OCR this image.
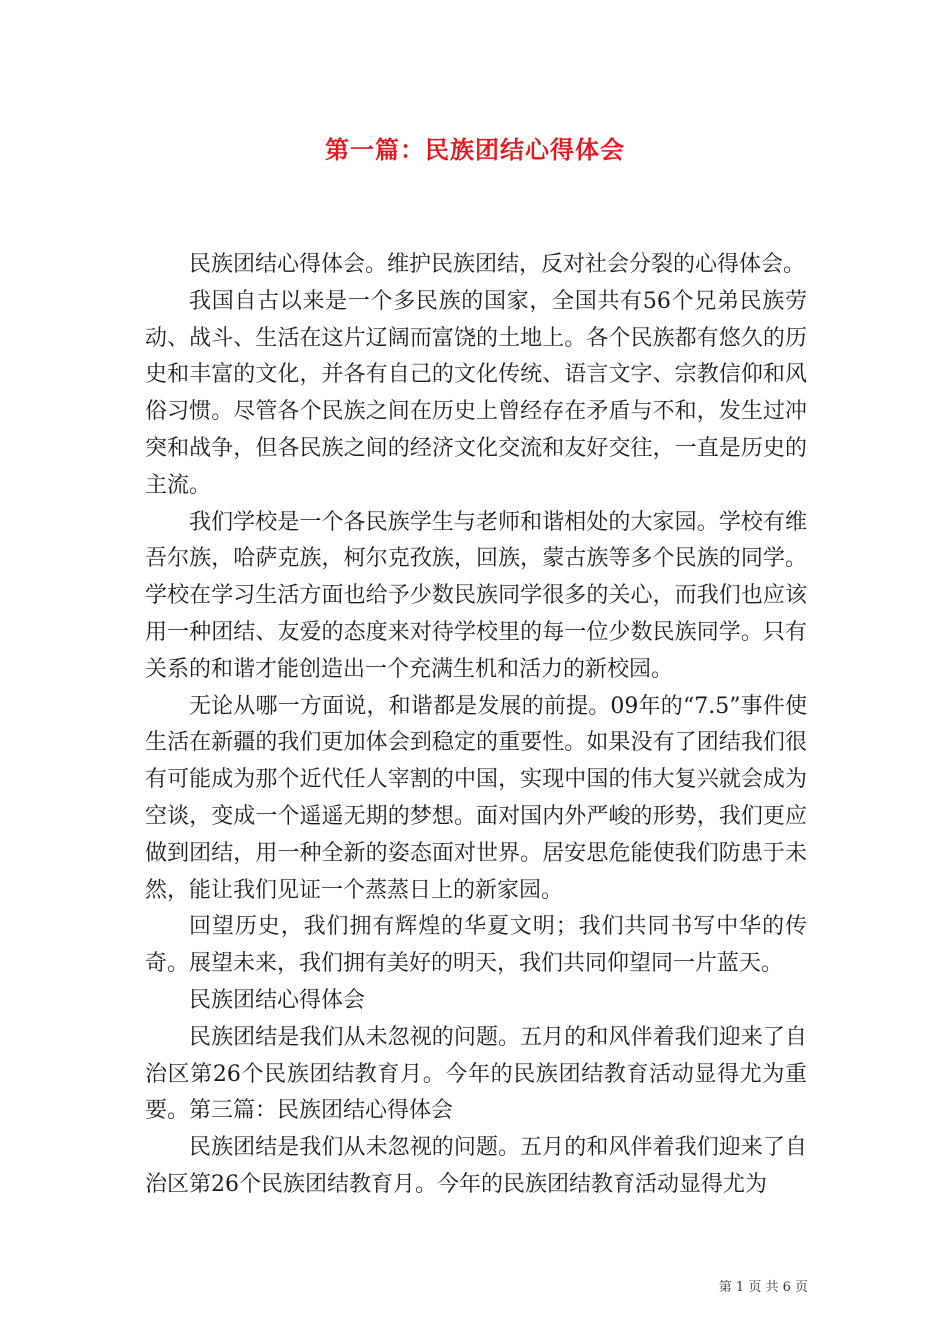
第一篇：民族团结心得体会

民族团结心得体会。维护民族团结，反对社会分裂的心得体会。

我国自古以来是一个多民族的国家，全国共有56个兄弟民族劳动、战斗、生活在这片辽阔而富饶的土地上。各个民族都有悠久的历史和丰富的文化，并各有自己的文化传统、语言文字、宗教信仰和风俗习惯。尽管各个民族之间在历史上曾经存在矛盾与不和，发生过冲突和战争，但各民族之间的经济文化交流和友好交往，一直是历史的主流。

我们学校是一个各民族学生与老师和谐相处的大家园。学校有维吾尔族，哈萨克族，柯尔克孜族，回族，蒙古族等多个民族的同学。学校在学习生活方面也给予少数民族同学很多的关心，而我们也应该用一种团结、友爱的态度来对待学校里的每一位少数民族同学。只有关系的和谐才能创造出一个充满生机和活力的新校园。

无论从哪一方面说，和谐都是发展的前提。09年的“7.5”事件使生活在新疆的我们更加体会到稳定的重要性。如果没有了团结我们很有可能成为那个近代任人宰割的中国，实现中国的伟大复兴就会成为空谈，变成一个遥遥无期的梦想。面对国内外严峻的形势，我们更应做到团结，用一种全新的姿态面对世界。居安思危能使我们防患于未然，能让我们见证一个蒸蒸日上的新家园。

回望历史，我们拥有辉煌的华夏文明；我们共同书写中华的传奇。展望未来，我们拥有美好的明天，我们共同仰望同一片蓝天。

民族团结心得体会

民族团结是我们从未忽视的问题。五月的和风伴着我们迎来了自治区第26个民族团结教育月。今年的民族团结教育活动显得尤为重要。第三篇：民族团结心得体会

民族团结是我们从未忽视的问题。五月的和风伴着我们迎来了自治区第26个民族团结教育月。今年的民族团结教育活动显得尤为

第 1 页 共 6 页
